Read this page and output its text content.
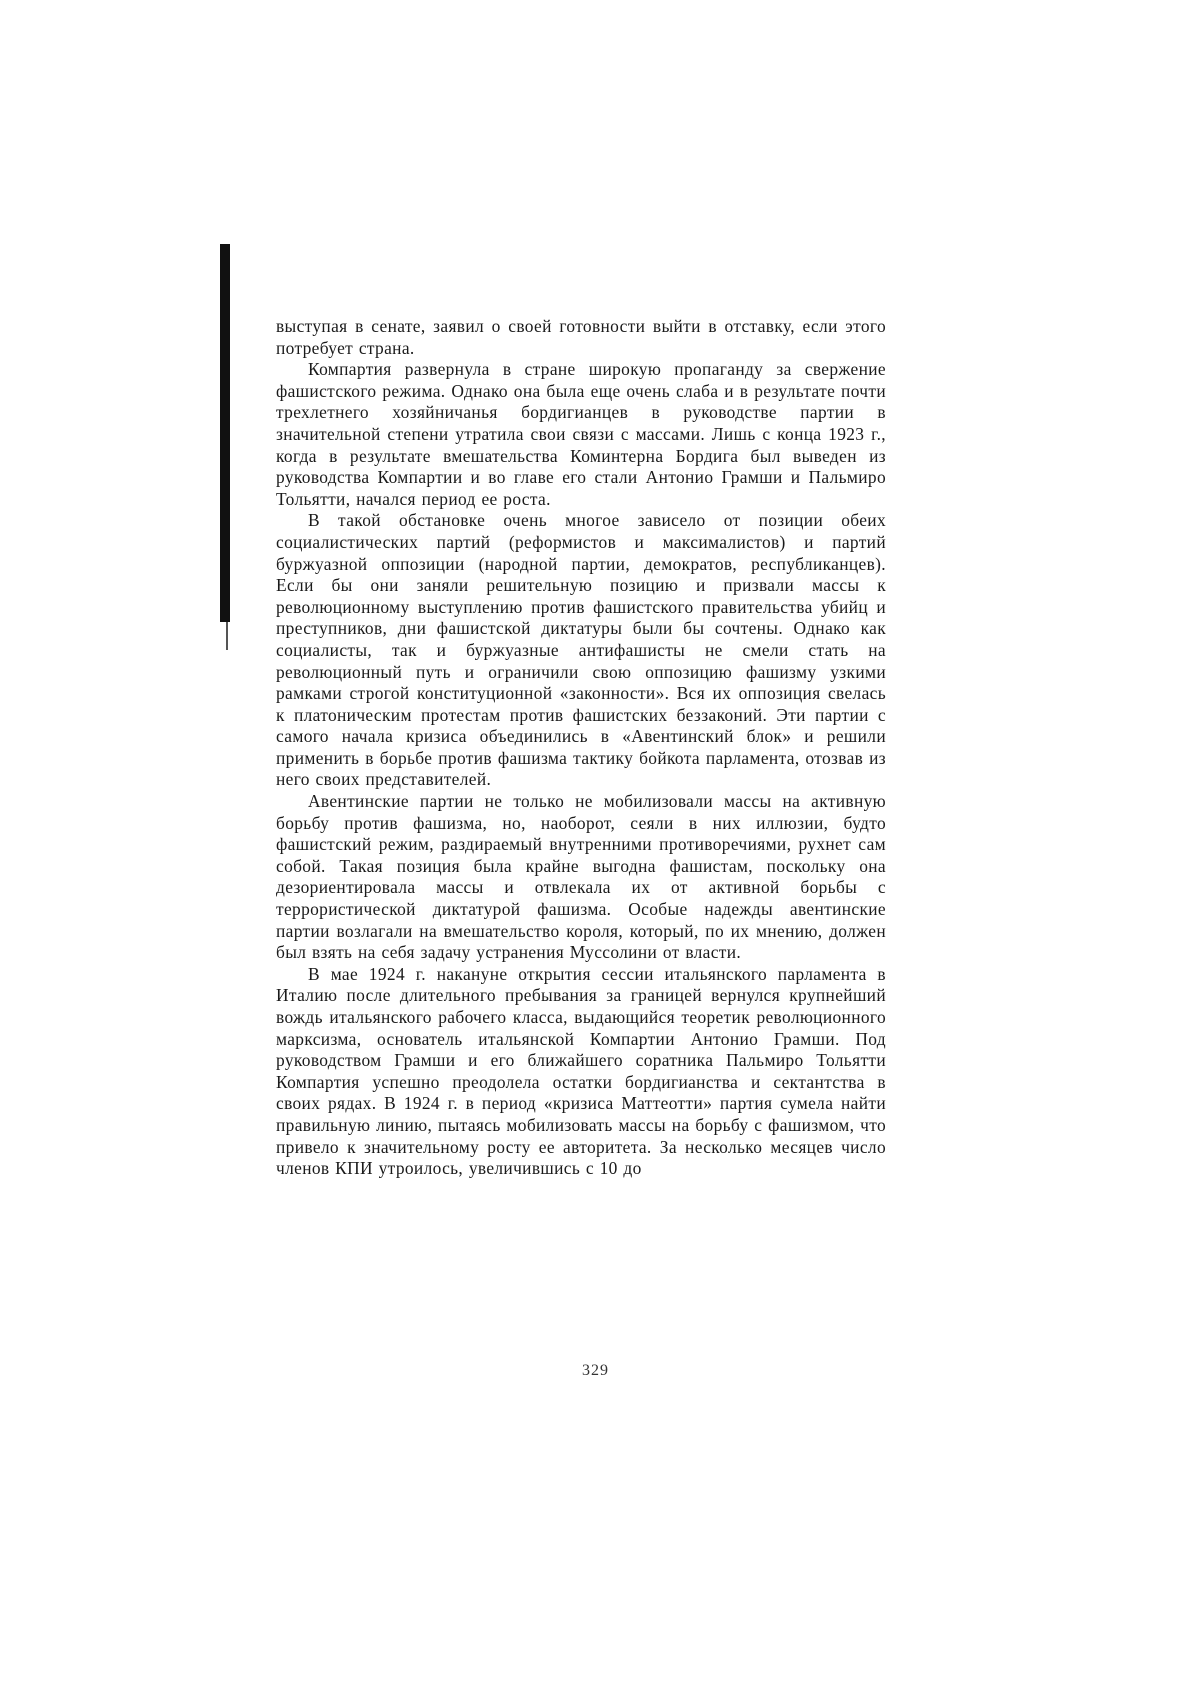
выступая в сенате, заявил о своей готовности выйти в отставку, если этого потребует страна.

Компартия развернула в стране широкую пропаганду за свержение фашистского режима. Однако она была еще очень слаба и в результате почти трехлетнего хозяйничанья бордигианцев в руководстве партии в значительной степени утратила свои связи с массами. Лишь с конца 1923 г., когда в результате вмешательства Коминтерна Бордига был выведен из руководства Компартии и во главе его стали Антонио Грамши и Пальмиро Тольятти, начался период ее роста.

В такой обстановке очень многое зависело от позиции обеих социалистических партий (реформистов и максималистов) и партий буржуазной оппозиции (народной партии, демократов, республиканцев). Если бы они заняли решительную позицию и призвали массы к революционному выступлению против фашистского правительства убийц и преступников, дни фашистской диктатуры были бы сочтены. Однако как социалисты, так и буржуазные антифашисты не смели стать на революционный путь и ограничили свою оппозицию фашизму узкими рамками строгой конституционной «законности». Вся их оппозиция свелась к платоническим протестам против фашистских беззаконий. Эти партии с самого начала кризиса объединились в «Авентинский блок» и решили применить в борьбе против фашизма тактику бойкота парламента, отозвав из него своих представителей.

Авентинские партии не только не мобилизовали массы на активную борьбу против фашизма, но, наоборот, сеяли в них иллюзии, будто фашистский режим, раздираемый внутренними противоречиями, рухнет сам собой. Такая позиция была крайне выгодна фашистам, поскольку она дезориентировала массы и отвлекала их от активной борьбы с террористической диктатурой фашизма. Особые надежды авентинские партии возлагали на вмешательство короля, который, по их мнению, должен был взять на себя задачу устранения Муссолини от власти.

В мае 1924 г. накануне открытия сессии итальянского парламента в Италию после длительного пребывания за границей вернулся крупнейший вождь итальянского рабочего класса, выдающийся теоретик революционного марксизма, основатель итальянской Компартии Антонио Грамши. Под руководством Грамши и его ближайшего соратника Пальмиро Тольятти Компартия успешно преодолела остатки бордигианства и сектантства в своих рядах. В 1924 г. в период «кризиса Маттеотти» партия сумела найти правильную линию, пытаясь мобилизовать массы на борьбу с фашизмом, что привело к значительному росту ее авторитета. За несколько месяцев число членов КПИ утроилось, увеличившись с 10 до

329
